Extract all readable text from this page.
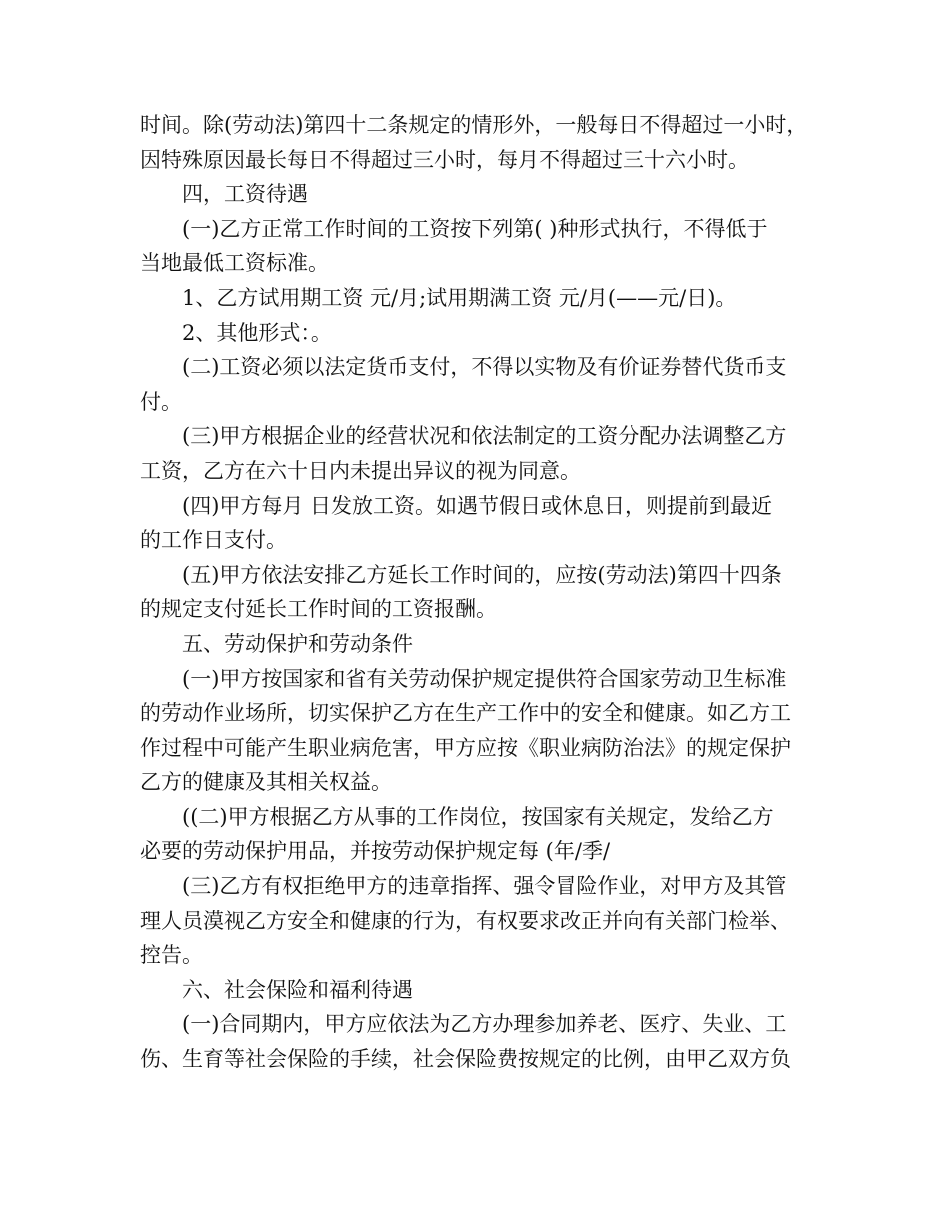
时间。除(劳动法)第四十二条规定的情形外，一般每日不得超过一小时，
因特殊原因最长每日不得超过三小时，每月不得超过三十六小时。
四，工资待遇
(一)乙方正常工作时间的工资按下列第( )种形式执行，不得低于
当地最低工资标准。
1、乙方试用期工资 元/月;试用期满工资 元/月(——元/日)。
2、其他形式：。
(二)工资必须以法定货币支付，不得以实物及有价证券替代货币支
付。
(三)甲方根据企业的经营状况和依法制定的工资分配办法调整乙方
工资，乙方在六十日内未提出异议的视为同意。
(四)甲方每月 日发放工资。如遇节假日或休息日，则提前到最近
的工作日支付。
(五)甲方依法安排乙方延长工作时间的，应按(劳动法)第四十四条
的规定支付延长工作时间的工资报酬。
五、劳动保护和劳动条件
(一)甲方按国家和省有关劳动保护规定提供符合国家劳动卫生标准
的劳动作业场所，切实保护乙方在生产工作中的安全和健康。如乙方工
作过程中可能产生职业病危害，甲方应按《职业病防治法》的规定保护
乙方的健康及其相关权益。
((二)甲方根据乙方从事的工作岗位，按国家有关规定，发给乙方
必要的劳动保护用品，并按劳动保护规定每 (年/季/
(三)乙方有权拒绝甲方的违章指挥、强令冒险作业，对甲方及其管
理人员漠视乙方安全和健康的行为，有权要求改正并向有关部门检举、
控告。
六、社会保险和福利待遇
(一)合同期内，甲方应依法为乙方办理参加养老、医疗、失业、工
伤、生育等社会保险的手续，社会保险费按规定的比例，由甲乙双方负
